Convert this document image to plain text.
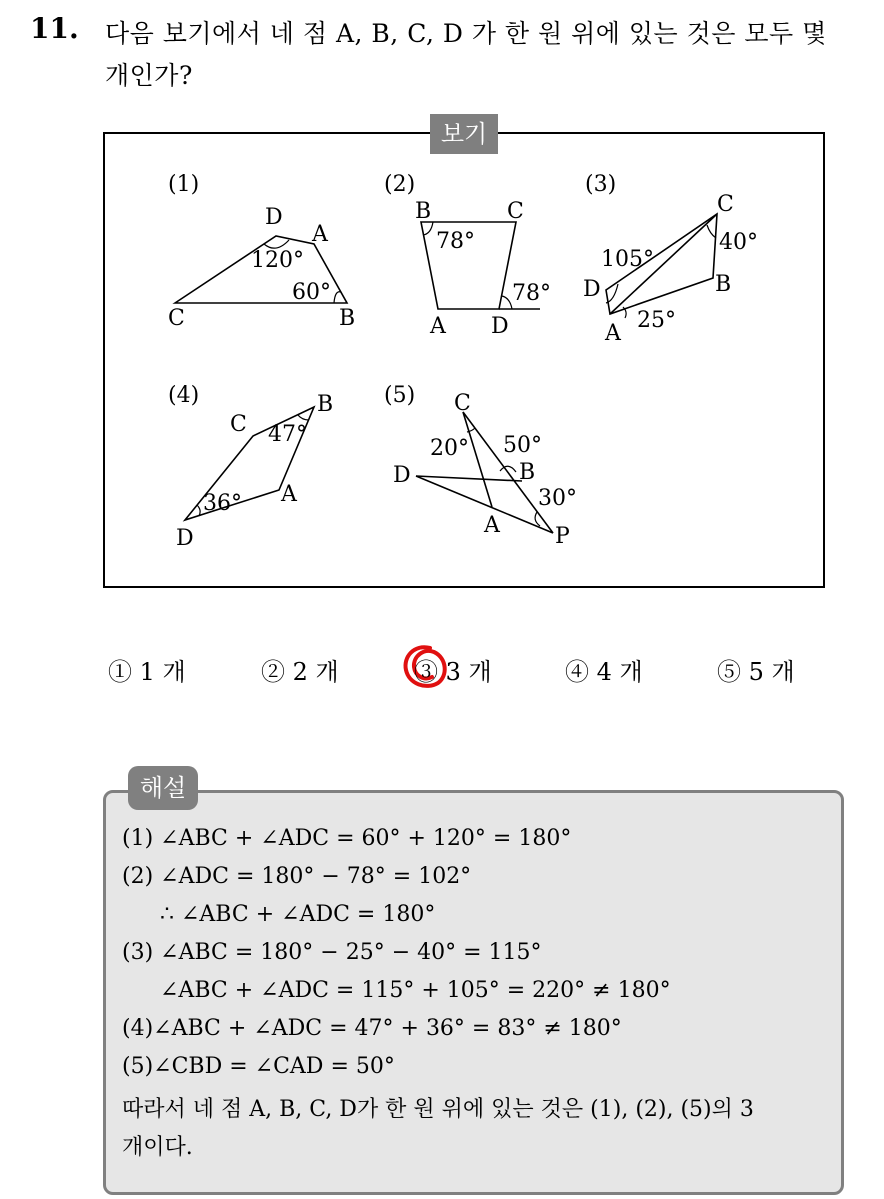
11. 다음 보기에서 네 점 A, B, C, D 가 한 원 위에 있는 것은 모두 몇
개인가?
보기
(1)
D
A
C	B
120°
60°
(2)
B	C
A D
78°
78°
(3)
C
D	B
A
105°
40°
25°
(4)	B
C
A
D
47°
36°
(5) C
B
D
A	P
20° 50°
30°
① 1 개	② 2 개	③ 3 개	④ 4 개	⑤ 5 개
해설
(1) ∠ABC + ∠ADC = 60° + 120° = 180°
(2) ∠ADC = 180° − 78° = 102°
∴ ∠ABC + ∠ADC = 180°
(3) ∠ABC = 180° − 25° − 40° = 115°
∠ABC + ∠ADC = 115° + 105° = 220° ≠ 180°
(4)∠ABC + ∠ADC = 47° + 36° = 83° ≠ 180°
(5)∠CBD = ∠CAD = 50°
따라서 네 점 A, B, C, D가 한 원 위에 있는 것은 (1), (2), (5)의 3
개이다.
